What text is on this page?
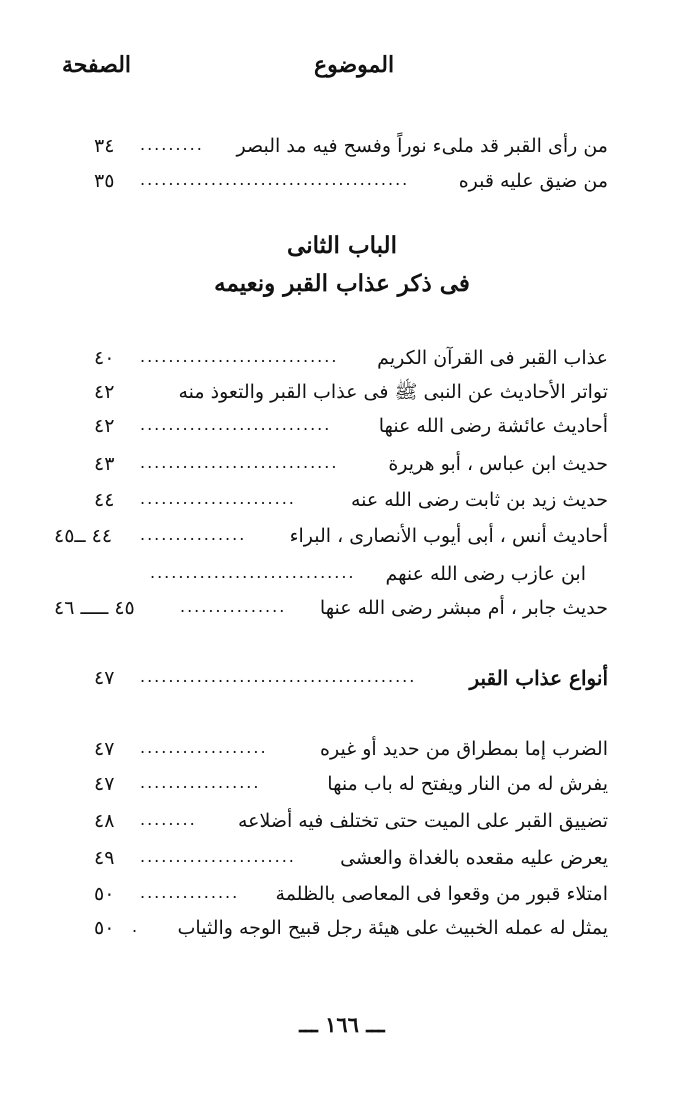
الموضوع
الصفحة
من رأى القبر قد ملىء نوراً وفسح فيه مد البصر
.........
٣٤
من ضيق عليه قبره
......................................
٣٥
الباب الثانى
فى ذكر عذاب القبر ونعيمه
عذاب القبر فى القرآن الكريم
............................
٤٠
تواتر الأحاديث عن النبى ﷺ فى عذاب القبر والتعوذ منه
٤٢
أحاديث عائشة رضى الله عنها
...........................
٤٢
حديث ابن عباس ، أبو هريرة
............................
٤٣
حديث زيد بن ثابت رضى الله عنه
......................
٤٤
أحاديث أنس ، أبى أيوب الأنصارى ، البراء
...............
٤٤ ــ٤٥
ابن عازب رضى الله عنهم
.............................
حديث جابر ، أم مبشر رضى الله عنها
...............
٤٥ ـــــ ٤٦
أنواع عذاب القبر
.......................................
٤٧
الضرب إما بمطراق من حديد أو غيره
..................
٤٧
يفرش له من النار ويفتح له باب منها
.................
٤٧
تضييق القبر على الميت حتى تختلف فيه أضلاعه
........
٤٨
يعرض عليه مقعده بالغداة والعشى
......................
٤٩
امتلاء قبور من وقعوا فى المعاصى بالظلمة
..............
٥٠
يمثل له عمله الخبيث على هيئة رجل قبيح الوجه والثياب
.
٥٠
ـــ ١٦٦ ـــ
